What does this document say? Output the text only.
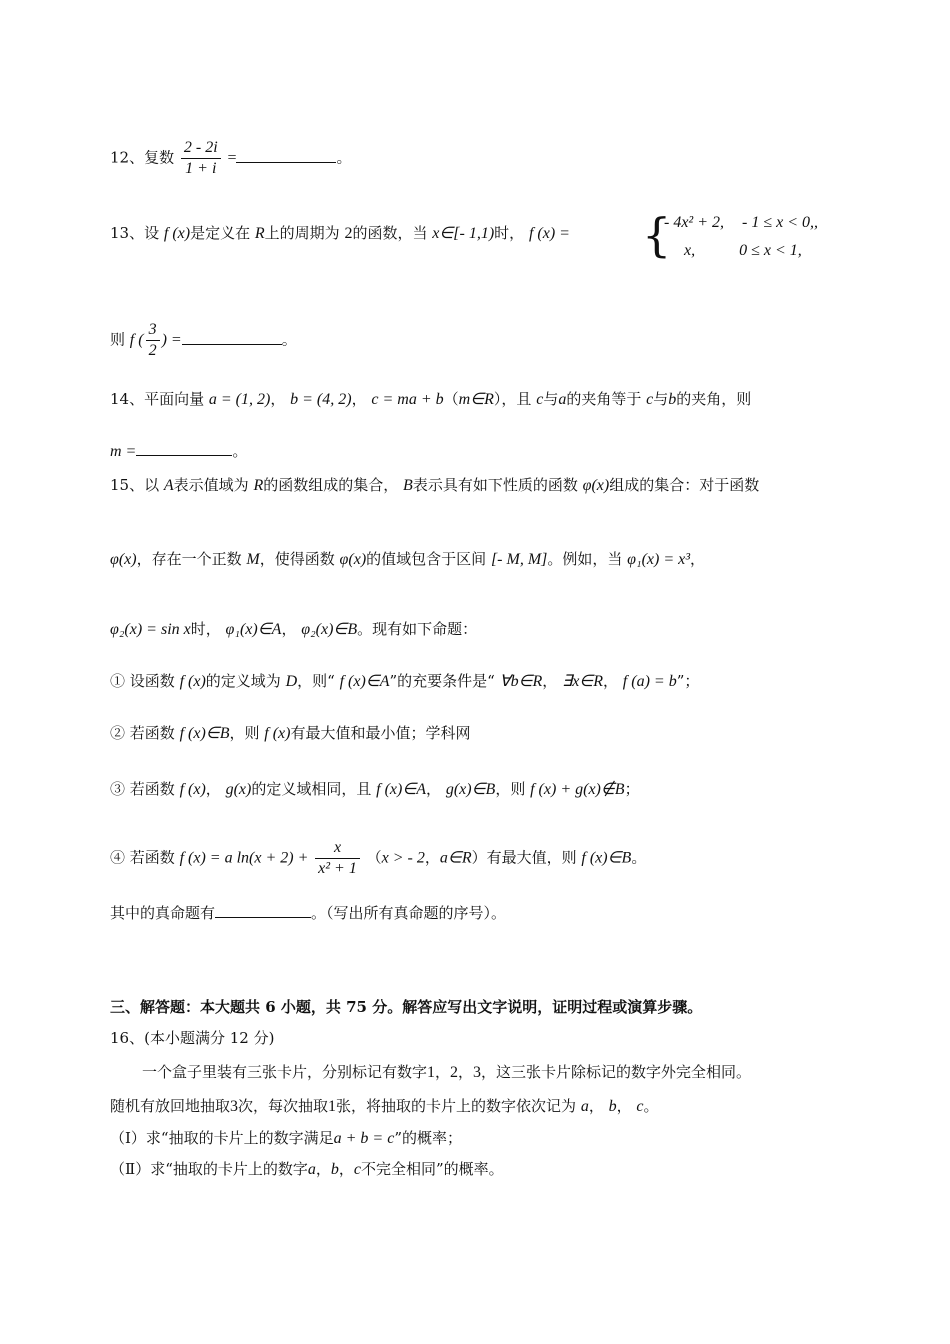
12、复数 $\frac{2 - 2i}{1 + i}$ =	。
13、设 f (x)是定义在 R上的周期为 2的函数，当 x∈[- 1,1)时， f (x) = {
- 4x² + 2, - 1 ≤ x < 0,,
x,	0 ≤ x < 1,
则 f ( $\frac{3}{2}$ ) =	。
14、平面向量 a = (1, 2)， b = (4, 2)， c = ma + b（m∈R），且 c与a的夹角等于 c与b的夹角，则
m =	。
15、以 A表示值域为 R的函数组成的集合， B表示具有如下性质的函数 φ(x)组成的集合：对于函数
φ(x)，存在一个正数 M，使得函数 φ(x)的值域包含于区间 [- M, M]。例如，当 φ₁(x) = x³，
φ₂(x) = sin x时， φ₁(x)∈A， φ₂(x)∈B。现有如下命题：
① 设函数 f (x)的定义域为 D，则“ f (x)∈A”的充要条件是“ ∀b∈R， ∃x∈R， f (a) = b”；
② 若函数 f (x)∈B，则 f (x)有最大值和最小值；学科网
③ 若函数 f (x)， g(x)的定义域相同，且 f (x)∈A， g(x)∈B，则 f (x) + g(x)∉B；
④ 若函数 f (x) = a $\ln(x + 2) + \frac{x}{\text{x² + 1}} (x$ > - 2，a∈R）有最大值，则 f (x)∈B。
其中的真命题有	。（写出所有真命题的序号）。
三、解答题：本大题共 6 小题，共 75 分。解答应写出文字说明，证明过程或演算步骤。
16、(本小题满分 12 分)
一个盒子里装有三张卡片，分别标记有数字1，2，3，这三张卡片除标记的数字外完全相同。
随机有放回地抽取3次，每次抽取1张，将抽取的卡片上的数字依次记为 a， b， c。
（Ⅰ）求“抽取的卡片上的数字满足a + b = c”的概率；
（Ⅱ）求“抽取的卡片上的数字a，b，c不完全相同”的概率。
